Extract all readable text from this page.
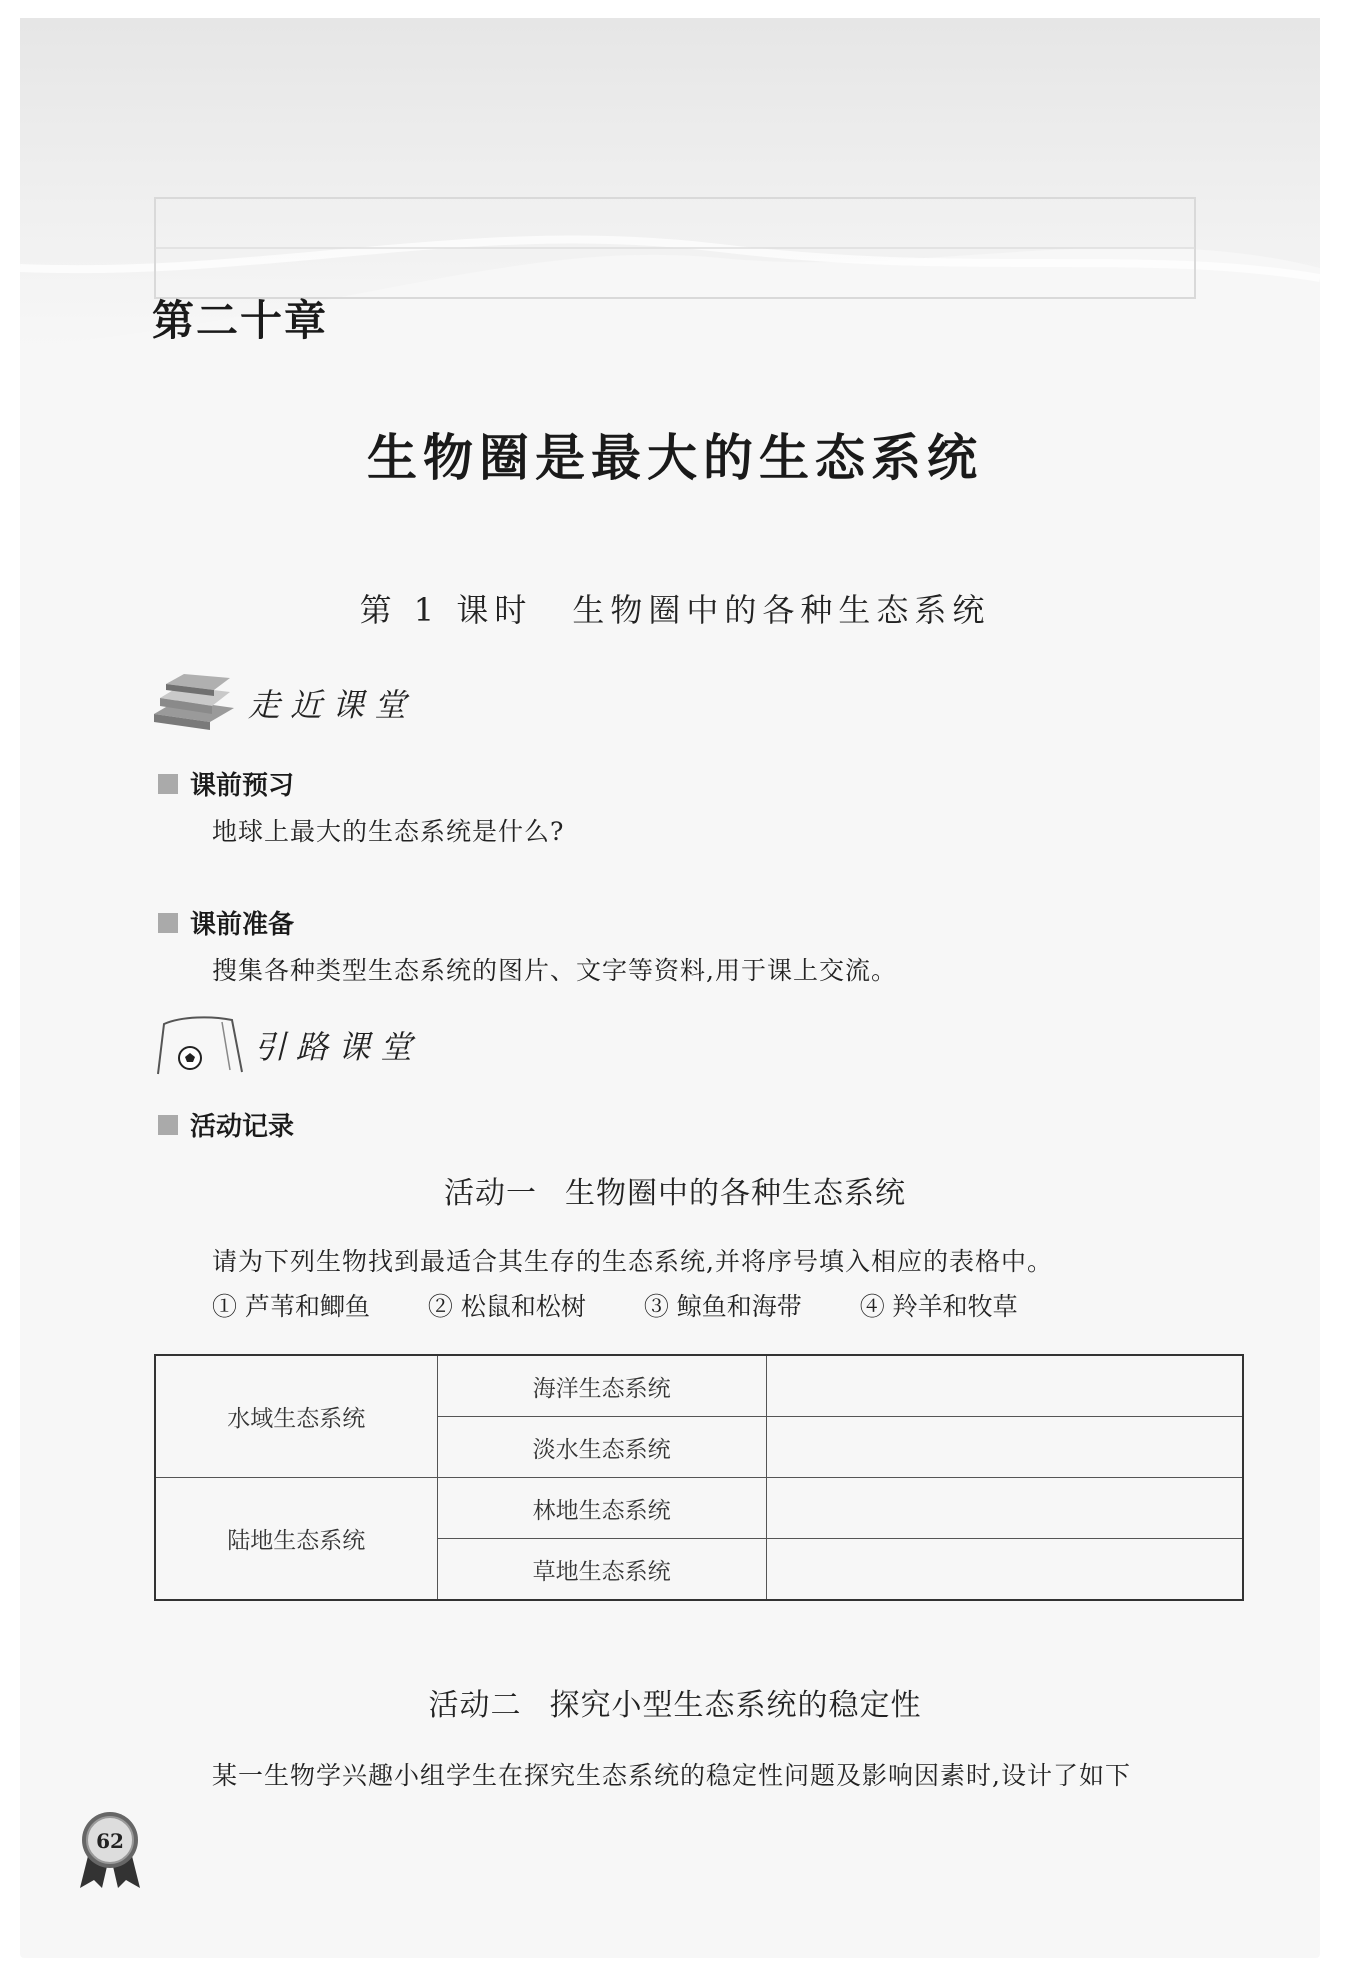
第二十章
生物圈是最大的生态系统
第 1 课时 生物圈中的各种生态系统
走近课堂
课前预习
地球上最大的生态系统是什么?
课前准备
搜集各种类型生态系统的图片、文字等资料,用于课上交流。
引路课堂
活动记录
活动一 生物圈中的各种生态系统
请为下列生物找到最适合其生存的生态系统,并将序号填入相应的表格中。
① 芦苇和鲫鱼 ② 松鼠和松树 ③ 鲸鱼和海带 ④ 羚羊和牧草
水域生态系统	海洋生态系统	
	淡水生态系统	
陆地生态系统	林地生态系统	
	草地生态系统	
活动二 探究小型生态系统的稳定性
某一生物学兴趣小组学生在探究生态系统的稳定性问题及影响因素时,设计了如下
62
